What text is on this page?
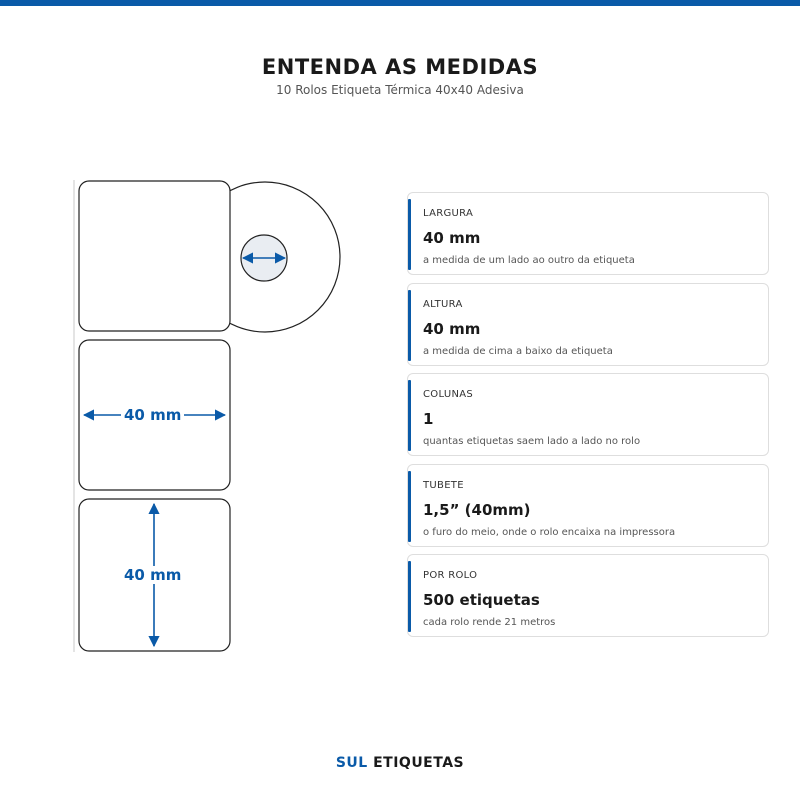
ENTENDA AS MEDIDAS
10 Rolos Etiqueta Térmica 40x40 Adesiva
40 mm
40 mm
LARGURA
40 mm
a medida de um lado ao outro da etiqueta
ALTURA
40 mm
a medida de cima a baixo da etiqueta
COLUNAS
1
quantas etiquetas saem lado a lado no rolo
TUBETE
1,5” (40mm)
o furo do meio, onde o rolo encaixa na impressora
POR ROLO
500 etiquetas
cada rolo rende 21 metros
SUL ETIQUETAS
